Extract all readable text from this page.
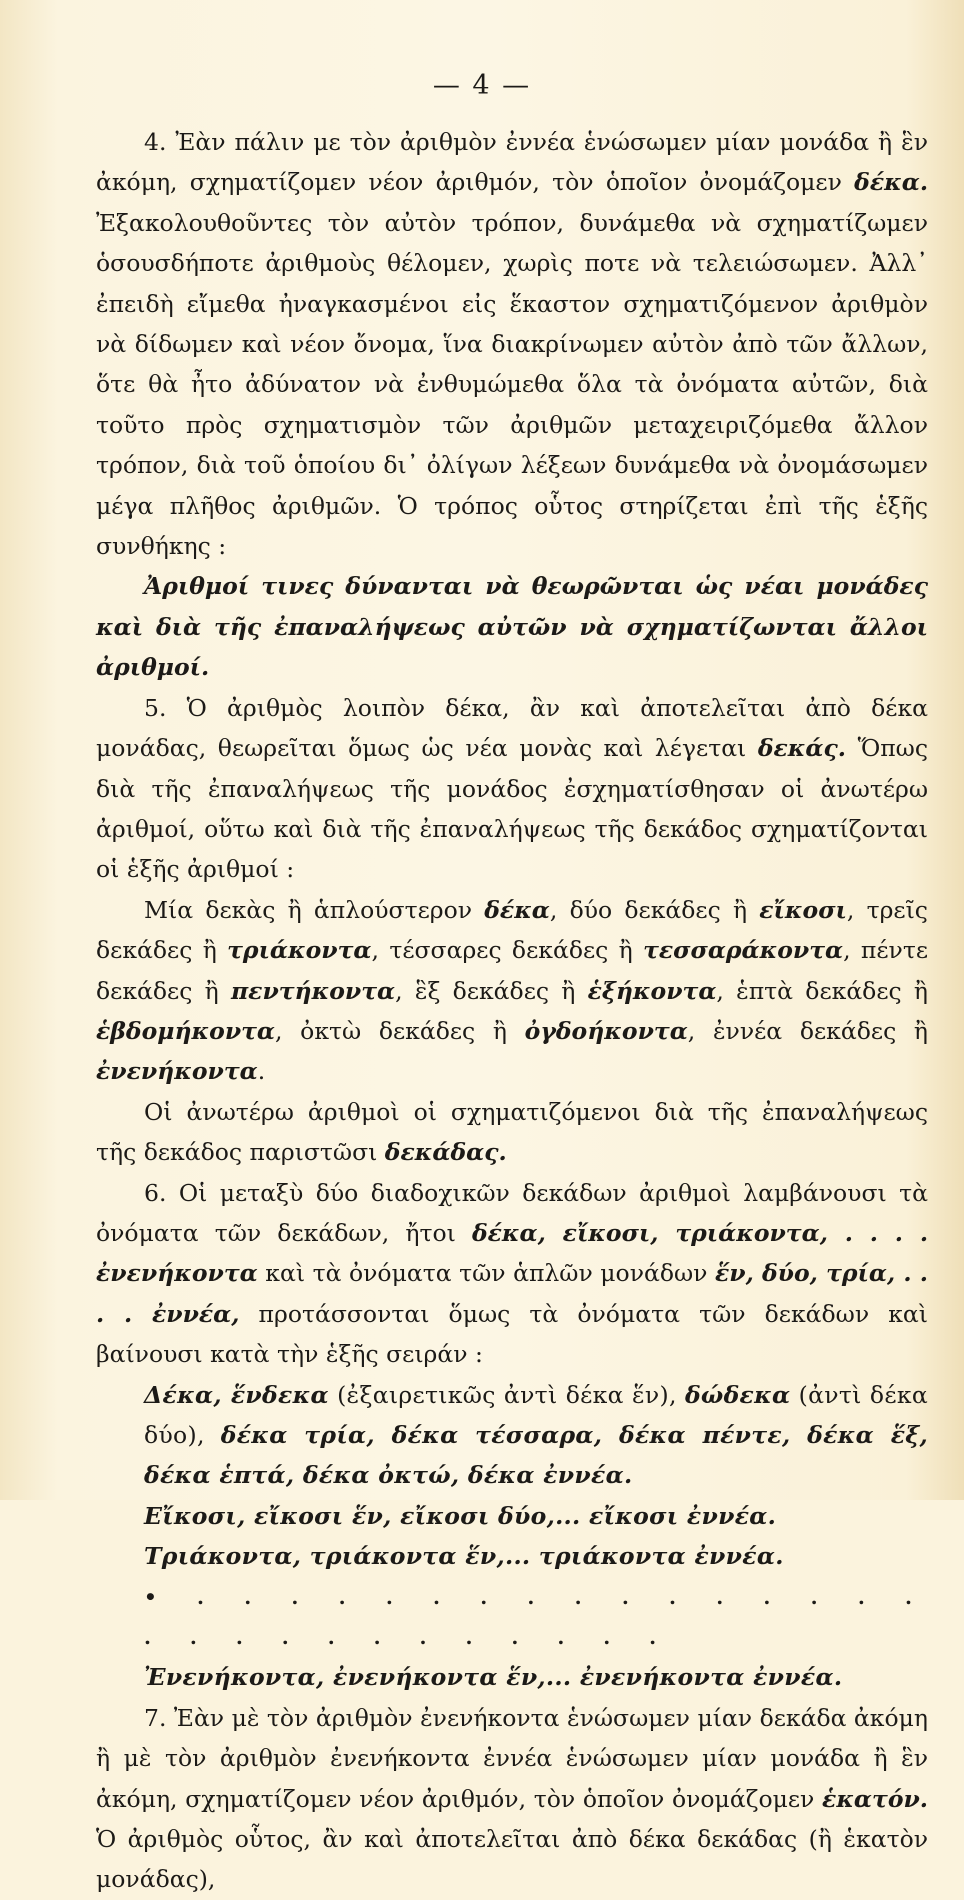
— 4 —

4. Ἐὰν πάλιν με τὸν ἀριθμὸν ἐννέα ἑνώσωμεν μίαν μονάδα ἢ ἓν ἀκόμη, σχηματίζομεν νέον ἀριθμόν, τὸν ὁποῖον ὀνομάζομεν δέκα. Ἐξακολουθοῦντες τὸν αὐτὸν τρόπον, δυνάμεθα νὰ σχηματίζωμεν ὁσουσδήποτε ἀριθμοὺς θέλομεν, χωρὶς ποτε νὰ τελειώσωμεν. Ἀλλ᾽ ἐπειδὴ εἴμεθα ἠναγκασμένοι εἰς ἕκαστον σχηματιζόμενον ἀριθμὸν νὰ δίδωμεν καὶ νέον ὄνομα, ἵνα διακρίνωμεν αὐτὸν ἀπὸ τῶν ἄλλων, ὅτε θὰ ἦτο ἀδύνατον νὰ ἐνθυμώμεθα ὅλα τὰ ὀνόματα αὐτῶν, διὰ τοῦτο πρὸς σχηματισμὸν τῶν ἀριθμῶν μεταχειριζόμεθα ἄλλον τρόπον, διὰ τοῦ ὁποίου δι᾽ ὀλίγων λέξεων δυνάμεθα νὰ ὀνομάσωμεν μέγα πλῆθος ἀριθμῶν. Ὁ τρόπος οὗτος στηρίζεται ἐπὶ τῆς ἑξῆς συνθήκης :

Ἀριθμοί τινες δύνανται νὰ θεωρῶνται ὡς νέαι μονάδες καὶ διὰ τῆς ἐπαναλήψεως αὐτῶν νὰ σχηματίζωνται ἄλλοι ἀριθμοί.

5. Ὁ ἀριθμὸς λοιπὸν δέκα, ἂν καὶ ἀποτελεῖται ἀπὸ δέκα μονάδας, θεωρεῖται ὅμως ὡς νέα μονὰς καὶ λέγεται δεκάς. Ὅπως διὰ τῆς ἐπαναλήψεως τῆς μονάδος ἐσχηματίσθησαν οἱ ἀνωτέρω ἀριθμοί, οὕτω καὶ διὰ τῆς ἐπαναλήψεως τῆς δεκάδος σχηματίζονται οἱ ἑξῆς ἀριθμοί :

Μία δεκὰς ἢ ἁπλούστερον δέκα, δύο δεκάδες ἢ εἴκοσι, τρεῖς δεκάδες ἢ τριάκοντα, τέσσαρες δεκάδες ἢ τεσσαράκοντα, πέντε δεκάδες ἢ πεντήκοντα, ἓξ δεκάδες ἢ ἑξήκοντα, ἑπτὰ δεκάδες ἢ ἑβδομήκοντα, ὀκτὼ δεκάδες ἢ ὀγδοήκοντα, ἐννέα δεκάδες ἢ ἐνενήκοντα.

Οἱ ἀνωτέρω ἀριθμοὶ οἱ σχηματιζόμενοι διὰ τῆς ἐπαναλήψεως τῆς δεκάδος παριστῶσι δεκάδας.

6. Οἱ μεταξὺ δύο διαδοχικῶν δεκάδων ἀριθμοὶ λαμβάνουσι τὰ ὀνόματα τῶν δεκάδων, ἤτοι δέκα, εἴκοσι, τριάκοντα, . . . . ἐνενήκοντα καὶ τὰ ὀνόματα τῶν ἁπλῶν μονάδων ἕν, δύο, τρία, . . . . ἐννέα, προτάσσονται ὅμως τὰ ὀνόματα τῶν δεκάδων καὶ βαίνουσι κατὰ τὴν ἑξῆς σειράν :

Δέκα, ἕνδεκα (ἐξαιρετικῶς ἀντὶ δέκα ἕν), δώδεκα (ἀντὶ δέκα δύο), δέκα τρία, δέκα τέσσαρα, δέκα πέντε, δέκα ἕξ, δέκα ἑπτά, δέκα ὀκτώ, δέκα ἐννέα.

Εἴκοσι, εἴκοσι ἕν, εἴκοσι δύο,... εἴκοσι ἐννέα.

Τριάκοντα, τριάκοντα ἕν,... τριάκοντα ἐννέα.

• . . . . . . . . . . . . . . . . . . . . . . . . . . . .

Ἐνενήκοντα, ἐνενήκοντα ἕν,... ἐνενήκοντα ἐννέα.

7. Ἐὰν μὲ τὸν ἀριθμὸν ἐνενήκοντα ἑνώσωμεν μίαν δεκάδα ἀκόμη ἢ μὲ τὸν ἀριθμὸν ἐνενήκοντα ἐννέα ἑνώσωμεν μίαν μονάδα ἢ ἓν ἀκόμη, σχηματίζομεν νέον ἀριθμόν, τὸν ὁποῖον ὀνομάζομεν ἑκατόν. Ὁ ἀριθμὸς οὗτος, ἂν καὶ ἀποτελεῖται ἀπὸ δέκα δεκάδας (ἢ ἑκατὸν μονάδας),
